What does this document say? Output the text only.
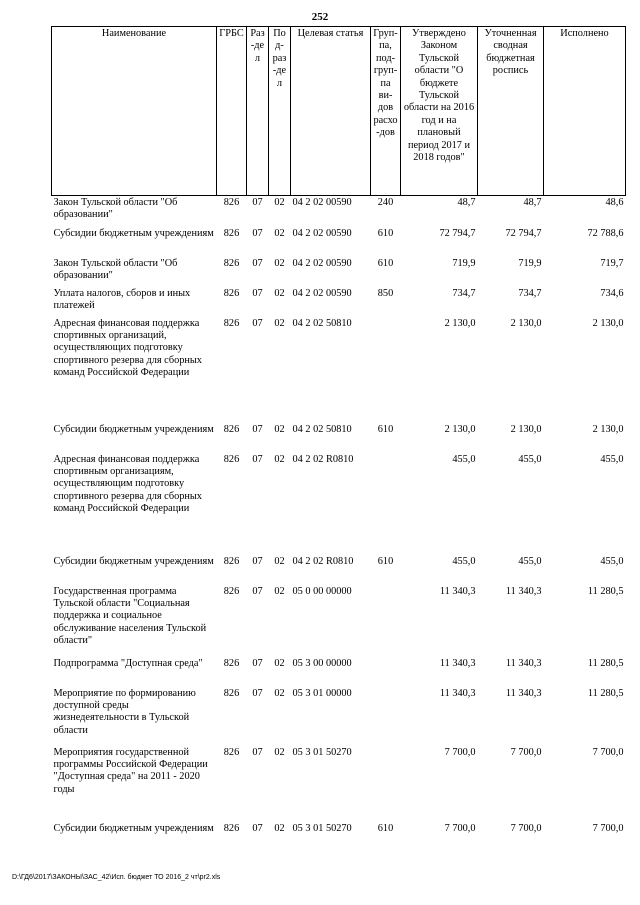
252
Наименование	ГРБС	Раз-дел	Под-раз-дел	Целевая статья	Груп-па, под-груп-па ви-дов расхо-дов	Утверждено Законом Тульской области "О бюджете Тульской области на 2016 год и на плановый период 2017 и 2018 годов"	Уточненная сводная бюджетная роспись	Исполнено
Закон Тульской области "Об образовании"	826	07	02	04 2 02 00590	240	48,7	48,7	48,6
Субсидии бюджетным учреждениям	826	07	02	04 2 02 00590	610	72 794,7	72 794,7	72 788,6
Закон Тульской области "Об образовании"	826	07	02	04 2 02 00590	610	719,9	719,9	719,7
Уплата налогов, сборов и иных платежей	826	07	02	04 2 02 00590	850	734,7	734,7	734,6
Адресная финансовая поддержка спортивных организаций, осуществляющих подготовку спортивного резерва для сборных команд Российской Федерации	826	07	02	04 2 02 50810		2 130,0	2 130,0	2 130,0
Субсидии бюджетным учреждениям	826	07	02	04 2 02 50810	610	2 130,0	2 130,0	2 130,0
Адресная финансовая поддержка спортивным организациям, осуществляющим подготовку спортивного резерва для сборных команд Российской Федерации	826	07	02	04 2 02 R0810		455,0	455,0	455,0
Субсидии бюджетным учреждениям	826	07	02	04 2 02 R0810	610	455,0	455,0	455,0
Государственная программа Тульской области "Социальная поддержка и социальное обслуживание населения Тульской области"	826	07	02	05 0 00 00000		11 340,3	11 340,3	11 280,5
Подпрограмма "Доступная среда"	826	07	02	05 3 00 00000		11 340,3	11 340,3	11 280,5
Мероприятие по формированию доступной среды жизнедеятельности в Тульской области	826	07	02	05 3 01 00000		11 340,3	11 340,3	11 280,5
Мероприятия государственной программы Российской Федерации "Доступная среда" на 2011 - 2020 годы	826	07	02	05 3 01 50270		7 700,0	7 700,0	7 700,0
Субсидии бюджетным учреждениям	826	07	02	05 3 01 50270	610	7 700,0	7 700,0	7 700,0
D:\ГД6\2017\ЗАКОНЫ\ЗАС_42\Исп. бюджет ТО 2016_2 чт\pr2.xls
